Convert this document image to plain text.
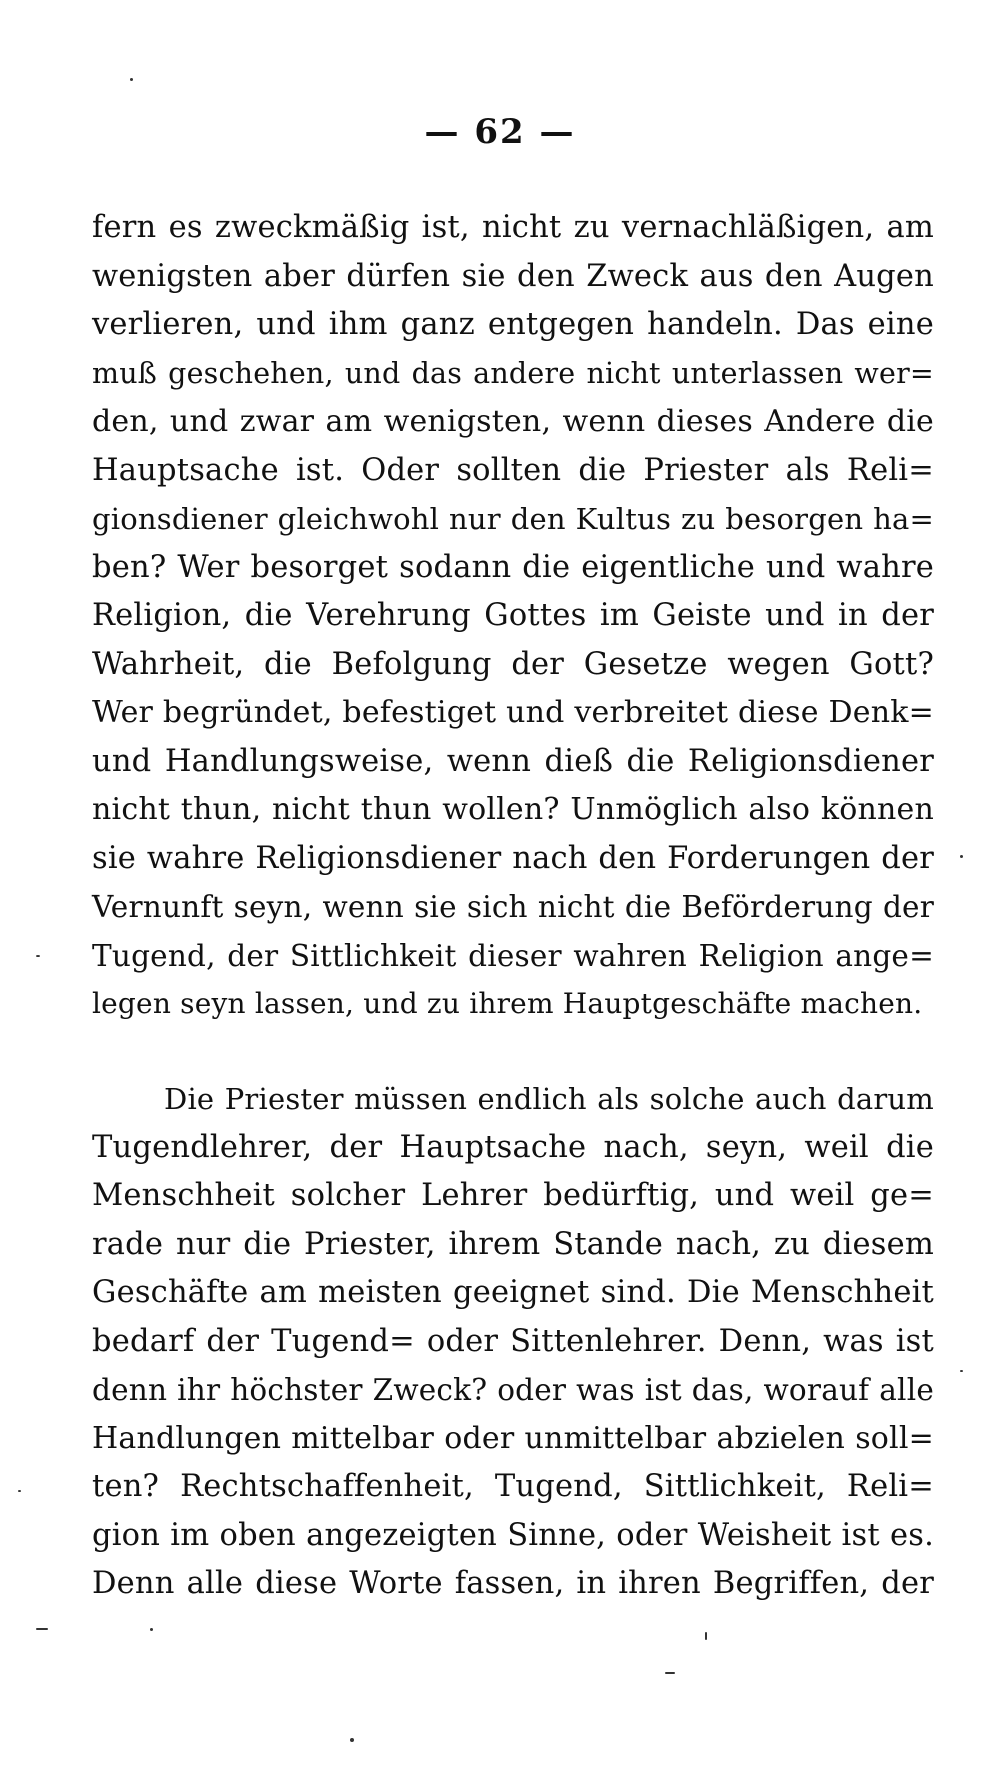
— 62 —
fern es zweckmäßig ist, nicht zu vernachläßigen, am
wenigsten aber dürfen sie den Zweck aus den Augen
verlieren, und ihm ganz entgegen handeln. Das eine
muß geschehen, und das andere nicht unterlassen wer=
den, und zwar am wenigsten, wenn dieses Andere die
Hauptsache ist. Oder sollten die Priester als Reli=
gionsdiener gleichwohl nur den Kultus zu besorgen ha=
ben? Wer besorget sodann die eigentliche und wahre
Religion, die Verehrung Gottes im Geiste und in der
Wahrheit, die Befolgung der Gesetze wegen Gott?
Wer begründet, befestiget und verbreitet diese Denk=
und Handlungsweise, wenn dieß die Religionsdiener
nicht thun, nicht thun wollen? Unmöglich also können
sie wahre Religionsdiener nach den Forderungen der
Vernunft seyn, wenn sie sich nicht die Beförderung der
Tugend, der Sittlichkeit dieser wahren Religion ange=
legen seyn lassen, und zu ihrem Hauptgeschäfte machen.
Die Priester müssen endlich als solche auch darum
Tugendlehrer, der Hauptsache nach, seyn, weil die
Menschheit solcher Lehrer bedürftig, und weil ge=
rade nur die Priester, ihrem Stande nach, zu diesem
Geschäfte am meisten geeignet sind. Die Menschheit
bedarf der Tugend= oder Sittenlehrer. Denn, was ist
denn ihr höchster Zweck? oder was ist das, worauf alle
Handlungen mittelbar oder unmittelbar abzielen soll=
ten? Rechtschaffenheit, Tugend, Sittlichkeit, Reli=
gion im oben angezeigten Sinne, oder Weisheit ist es.
Denn alle diese Worte fassen, in ihren Begriffen, der
